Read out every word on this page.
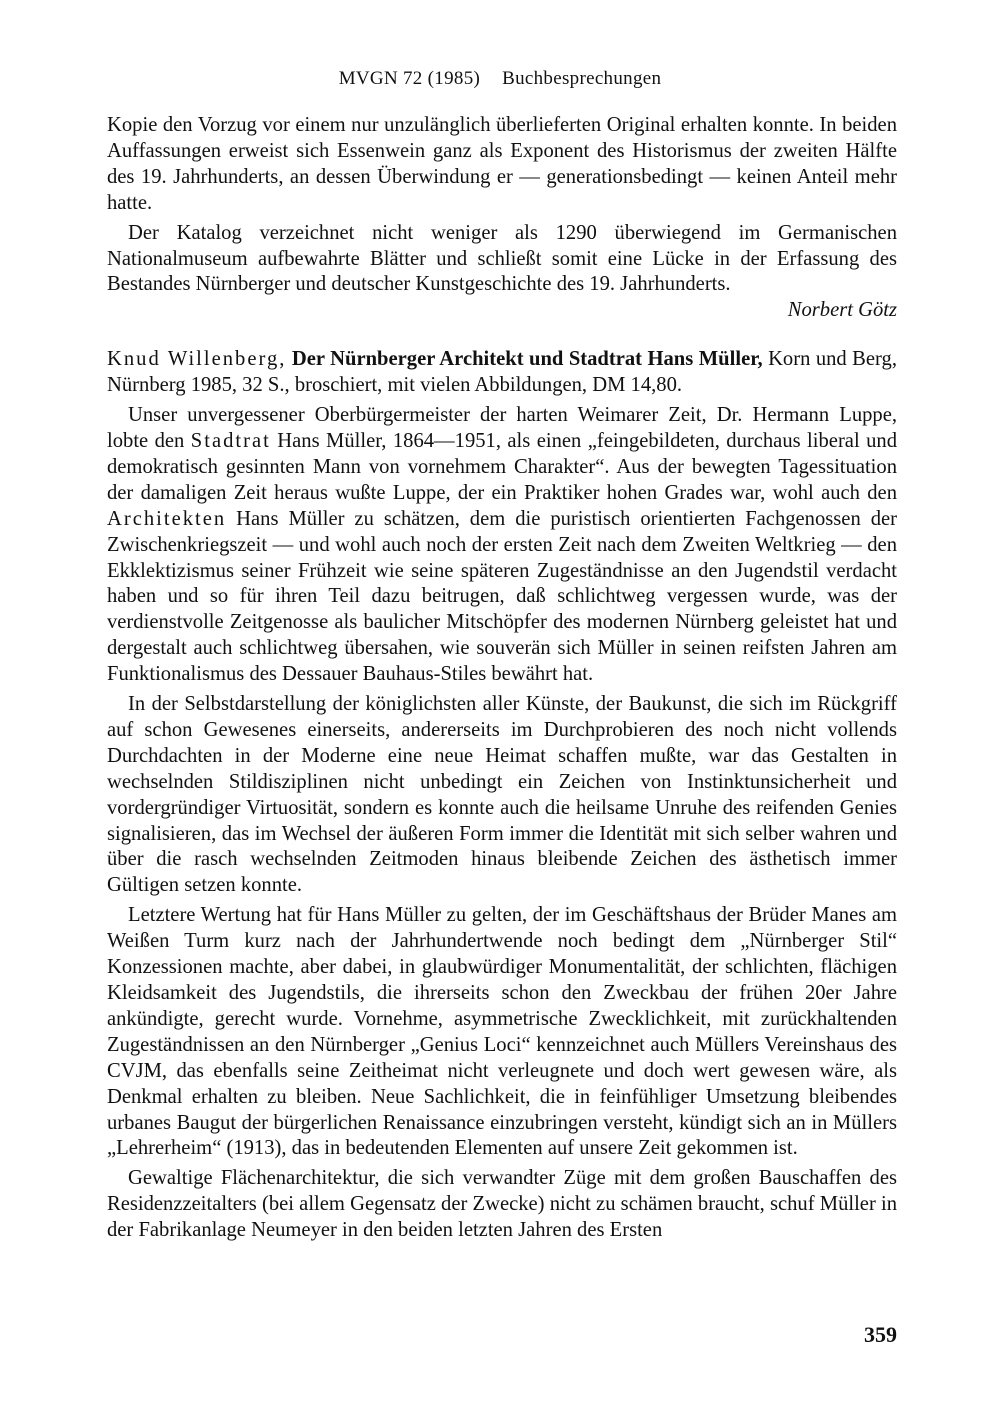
MVGN 72 (1985) Buchbesprechungen

Kopie den Vorzug vor einem nur unzulänglich überlieferten Original erhalten konnte. In beiden Auffassungen erweist sich Essenwein ganz als Exponent des Historismus der zweiten Hälfte des 19. Jahrhunderts, an dessen Überwindung er — generationsbedingt — keinen Anteil mehr hatte.

Der Katalog verzeichnet nicht weniger als 1290 überwiegend im Germanischen Nationalmuseum aufbewahrte Blätter und schließt somit eine Lücke in der Erfassung des Bestandes Nürnberger und deutscher Kunstgeschichte des 19. Jahrhunderts.

Norbert Götz

Knud Willenberg, Der Nürnberger Architekt und Stadtrat Hans Müller, Korn und Berg, Nürnberg 1985, 32 S., broschiert, mit vielen Abbildungen, DM 14,80.

Unser unvergessener Oberbürgermeister der harten Weimarer Zeit, Dr. Hermann Luppe, lobte den Stadtrat Hans Müller, 1864—1951, als einen „feingebildeten, durchaus liberal und demokratisch gesinnten Mann von vornehmem Charakter“. Aus der bewegten Tagessituation der damaligen Zeit heraus wußte Luppe, der ein Praktiker hohen Grades war, wohl auch den Architekten Hans Müller zu schätzen, dem die puristisch orientierten Fachgenossen der Zwischenkriegszeit — und wohl auch noch der ersten Zeit nach dem Zweiten Weltkrieg — den Ekklektizismus seiner Frühzeit wie seine späteren Zugeständnisse an den Jugendstil verdacht haben und so für ihren Teil dazu beitrugen, daß schlichtweg vergessen wurde, was der verdienstvolle Zeitgenosse als baulicher Mitschöpfer des modernen Nürnberg geleistet hat und dergestalt auch schlichtweg übersahen, wie souverän sich Müller in seinen reifsten Jahren am Funktionalismus des Dessauer Bauhaus-Stiles bewährt hat.

In der Selbstdarstellung der königlichsten aller Künste, der Baukunst, die sich im Rückgriff auf schon Gewesenes einerseits, andererseits im Durchprobieren des noch nicht vollends Durchdachten in der Moderne eine neue Heimat schaffen mußte, war das Gestalten in wechselnden Stildisziplinen nicht unbedingt ein Zeichen von Instinktunsicherheit und vordergründiger Virtuosität, sondern es konnte auch die heilsame Unruhe des reifenden Genies signalisieren, das im Wechsel der äußeren Form immer die Identität mit sich selber wahren und über die rasch wechselnden Zeitmoden hinaus bleibende Zeichen des ästhetisch immer Gültigen setzen konnte.

Letztere Wertung hat für Hans Müller zu gelten, der im Geschäftshaus der Brüder Manes am Weißen Turm kurz nach der Jahrhundertwende noch bedingt dem „Nürnberger Stil“ Konzessionen machte, aber dabei, in glaubwürdiger Monumentalität, der schlichten, flächigen Kleidsamkeit des Jugendstils, die ihrerseits schon den Zweckbau der frühen 20er Jahre ankündigte, gerecht wurde. Vornehme, asymmetrische Zwecklichkeit, mit zurückhaltenden Zugeständnissen an den Nürnberger „Genius Loci“ kennzeichnet auch Müllers Vereinshaus des CVJM, das ebenfalls seine Zeitheimat nicht verleugnete und doch wert gewesen wäre, als Denkmal erhalten zu bleiben. Neue Sachlichkeit, die in feinfühliger Umsetzung bleibendes urbanes Baugut der bürgerlichen Renaissance einzubringen versteht, kündigt sich an in Müllers „Lehrerheim“ (1913), das in bedeutenden Elementen auf unsere Zeit gekommen ist.

Gewaltige Flächenarchitektur, die sich verwandter Züge mit dem großen Bauschaffen des Residenzzeitalters (bei allem Gegensatz der Zwecke) nicht zu schämen braucht, schuf Müller in der Fabrikanlage Neumeyer in den beiden letzten Jahren des Ersten

359
